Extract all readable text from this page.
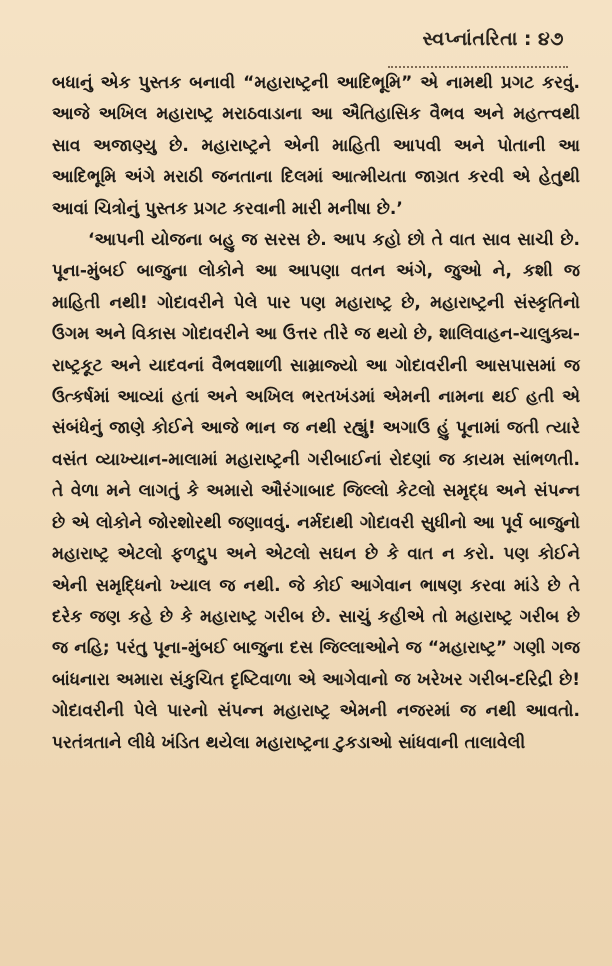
સ્વપ્નાંતરિતા : ૪૭

બધાનું એક પુસ્તક બનાવી “મહારાષ્ટ્રની આદિભૂમિ” એ નામથી પ્રગટ કરવું. આજે અખિલ મહારાષ્ટ્ર મરાઠવાડાના આ ઐતિહાસિક વૈભવ અને મહત્ત્વથી સાવ અજાણ્યુ છે. મહારાષ્ટ્રને એની માહિતી આપવી અને પોતાની આ આદિભૂમિ અંગે મરાઠી જનતાના દિલમાં આત્મીયતા જાગ્રત કરવી એ હેતુથી આવાં ચિત્રોનું પુસ્તક પ્રગટ કરવાની મારી મનીષા છે.’

‘આપની યોજના બહુ જ સરસ છે. આપ કહો છો તે વાત સાવ સાચી છે. પૂના-મુંબઈ બાજુના લોકોને આ આપણા વતન અંગે, જુઓ ને, કશી જ માહિતી નથી! ગોદાવરીને પેલે પાર પણ મહારાષ્ટ્ર છે, મહારાષ્ટ્રની સંસ્કૃતિનો ઉગમ અને વિકાસ ગોદાવરીને આ ઉત્તર તીરે જ થયો છે, શાલિવાહન-ચાલુક્ય-રાષ્ટ્રકૂટ અને યાદવનાં વૈભવશાળી સામ્રાજ્યો આ ગોદાવરીની આસપાસમાં જ ઉત્કર્ષમાં આવ્યાં હતાં અને અખિલ ભરતખંડમાં એમની નામના થઈ હતી એ સંબંધેનું જાણે કોઈને આજે ભાન જ નથી રહ્યું! અગાઉ હું પૂનામાં જતી ત્યારે વસંત વ્યાખ્યાન-માલામાં મહારાષ્ટ્રની ગરીબાઈનાં રોદણાં જ કાયમ સાંભળતી. તે વેળા મને લાગતું કે અમારો ઔરંગાબાદ જિલ્લો કેટલો સમૃદ્ધ અને સંપન્ન છે એ લોકોને જોરશોરથી જણાવવું. નર્મદાથી ગોદાવરી સુધીનો આ પૂર્વ બાજુનો મહારાષ્ટ્ર એટલો ફળદ્રુપ અને એટલો સઘન છે કે વાત ન કરો. પણ કોઈને એની સમૃદ્ધિનો ખ્યાલ જ નથી. જે કોઈ આગેવાન ભાષણ કરવા માંડે છે તે દરેક જણ કહે છે કે મહારાષ્ટ્ર ગરીબ છે. સાચું કહીએ તો મહારાષ્ટ્ર ગરીબ છે જ નહિ; પરંતુ પૂના-મુંબઈ બાજુના દસ જિલ્લાઓને જ “મહારાષ્ટ્ર” ગણી ગજ બાંધનારા અમારા સંકુચિત દૃષ્ટિવાળા એ આગેવાનો જ ખરેખર ગરીબ-દરિદ્રી છે! ગોદાવરીની પેલે પારનો સંપન્ન મહારાષ્ટ્ર એમની નજરમાં જ નથી આવતો. પરતંત્રતાને લીધે ખંડિત થયેલા મહારાષ્ટ્રના ટુકડાઓ સાંધવાની તાલાવેલી
